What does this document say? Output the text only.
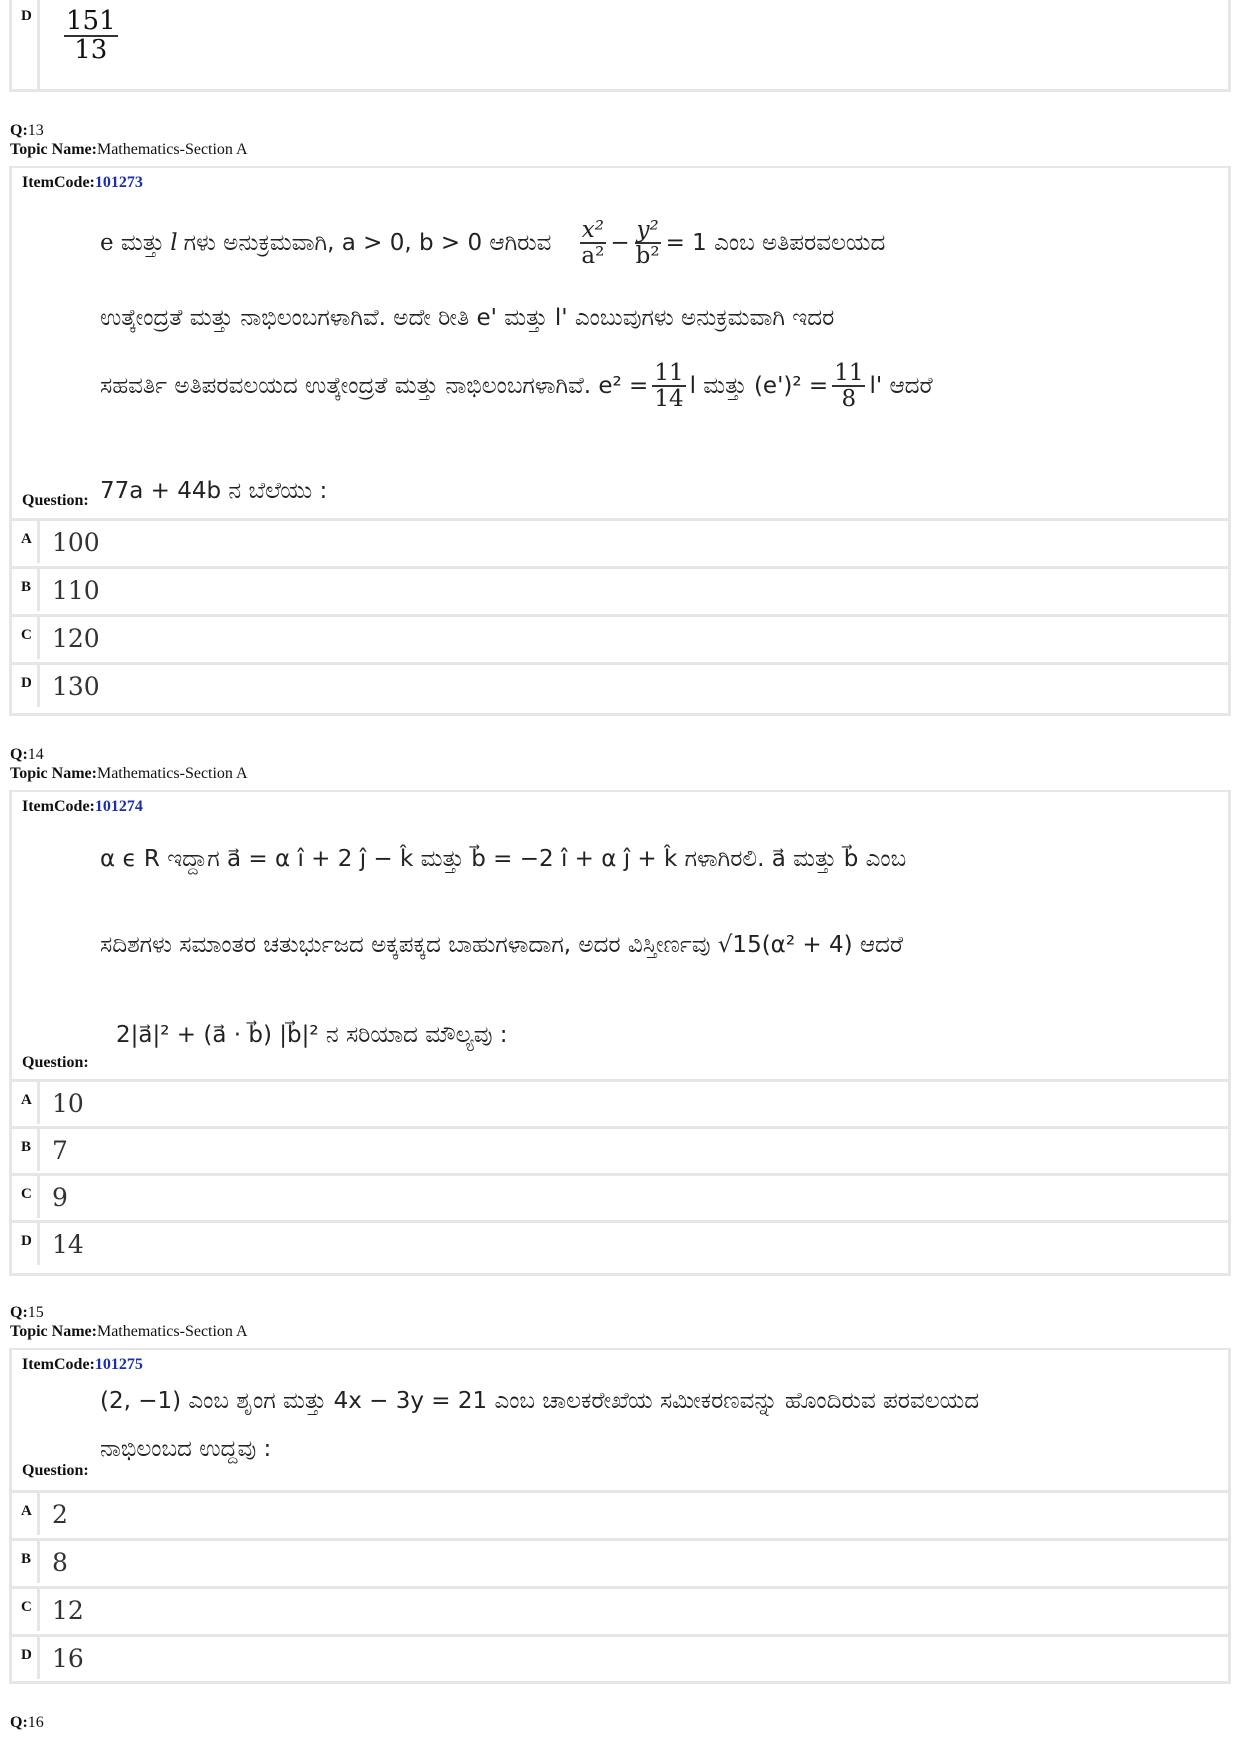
D	$\frac{151}{13}$
Q:13
Topic Name:Mathematics-Section A
ItemCode:101273
e ಮತ್ತು l ಗಳು ಅನುಕ್ರಮವಾಗಿ, a > 0, b > 0 ಆಗಿರುವ $\frac{\text{x²}}{\text{a²}} - \frac{\text{y²}}{\text{b²}} = 1$ ಎಂಬ ಅತಿಪರವಲಯದ
ಉತ್ಕೇಂದ್ರತೆ ಮತ್ತು ನಾಭಿಲಂಬಗಳಾಗಿವೆ. ಅದೇ ರೀತಿ e' ಮತ್ತು l' ಎಂಬುವುಗಳು ಅನುಕ್ರಮವಾಗಿ ಇದರ
ಸಹವರ್ತಿ ಅತಿಪರವಲಯದ ಉತ್ಕೇಂದ್ರತೆ ಮತ್ತು ನಾಭಿಲಂಬಗಳಾಗಿವೆ. $e^2 = \frac{11}{14}$ l ಮತ್ತು $(e')^2 = \frac{11}{8} l'$ ಆದರೆ
77a + 44b ನ ಬೆಲೆಯು :
Question:
A 100
B 110
C 120
D 130
Q:14
Topic Name:Mathematics-Section A
ItemCode:101274
α ϵ R ಇದ್ದಾಗ a⃗ = α î + 2 ĵ − k̂ ಮತ್ತು b⃗ = −2 î + α ĵ + k̂ ಗಳಾಗಿರಲಿ. a⃗ ಮತ್ತು b⃗ ಎಂಬ
ಸದಿಶಗಳು ಸಮಾಂತರ ಚತುರ್ಭುಜದ ಅಕ್ಕಪಕ್ಕದ ಬಾಹುಗಳಾದಾಗ, ಅದರ ವಿಸ್ತೀರ್ಣವು √15(α² + 4) ಆದರೆ
2|a⃗|² + (a⃗ · b⃗) |b⃗|² ನ ಸರಿಯಾದ ಮೌಲ್ಯವು :
Question:
A 10
B 7
C 9
D 14
Q:15
Topic Name:Mathematics-Section A
ItemCode:101275
(2, −1) ಎಂಬ ಶೃಂಗ ಮತ್ತು 4x − 3y = 21 ಎಂಬ ಚಾಲಕರೇಖೆಯ ಸಮೀಕರಣವನ್ನು ಹೊಂದಿರುವ ಪರವಲಯದ
ನಾಭಿಲಂಬದ ಉದ್ದವು :
Question:
A 2
B 8
C 12
D 16
Q:16
